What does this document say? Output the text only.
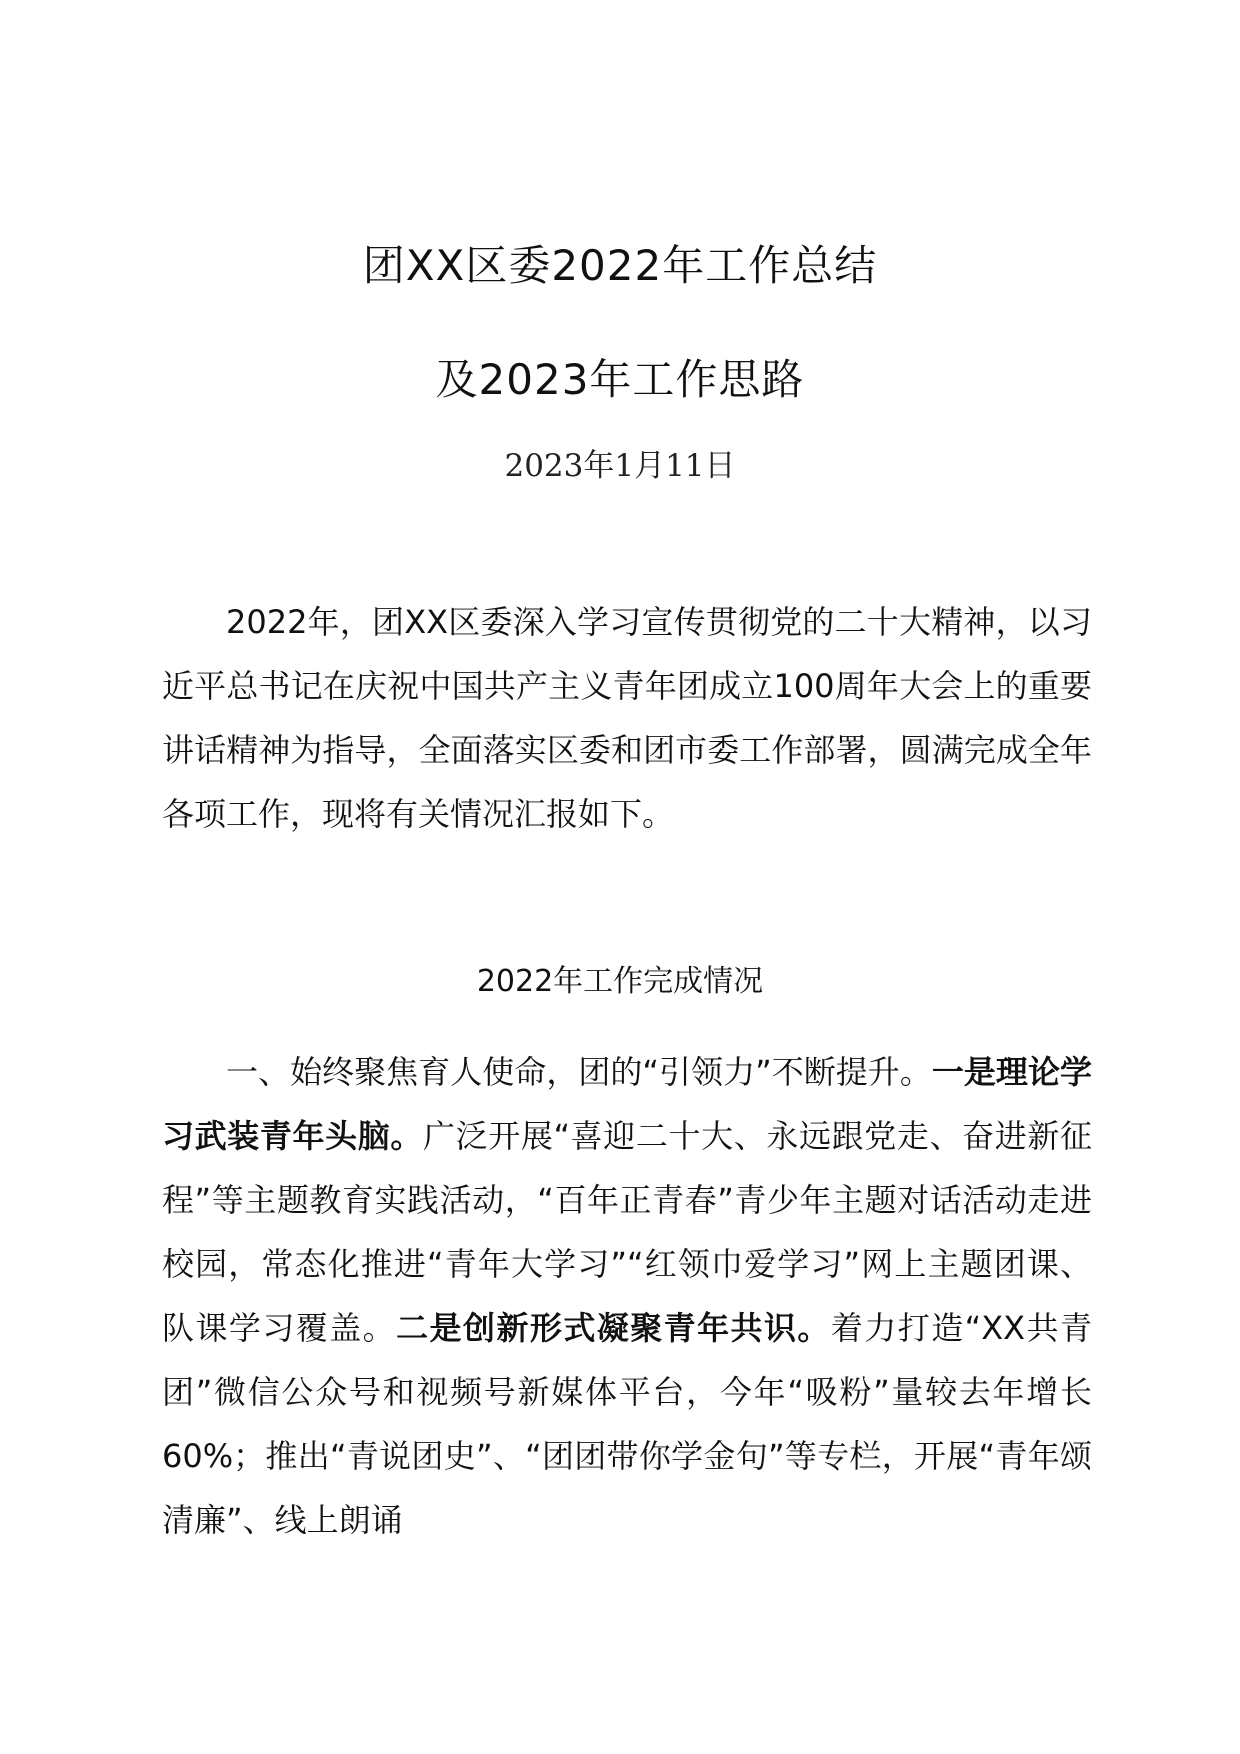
团XX区委2022年工作总结
及2023年工作思路
2023年1月11日
2022年，团XX区委深入学习宣传贯彻党的二十大精神，以习近平总书记在庆祝中国共产主义青年团成立100周年大会上的重要讲话精神为指导，全面落实区委和团市委工作部署，圆满完成全年各项工作，现将有关情况汇报如下。
2022年工作完成情况
一、始终聚焦育人使命，团的“引领力”不断提升。一是理论学习武装青年头脑。广泛开展“喜迎二十大、永远跟党走、奋进新征程”等主题教育实践活动，“百年正青春”青少年主题对话活动走进校园，常态化推进“青年大学习”“红领巾爱学习”网上主题团课、队课学习覆盖。二是创新形式凝聚青年共识。着力打造“XX共青团”微信公众号和视频号新媒体平台，今年“吸粉”量较去年增长60%；推出“青说团史”、“团团带你学金句”等专栏，开展“青年颂清廉”、线上朗诵
